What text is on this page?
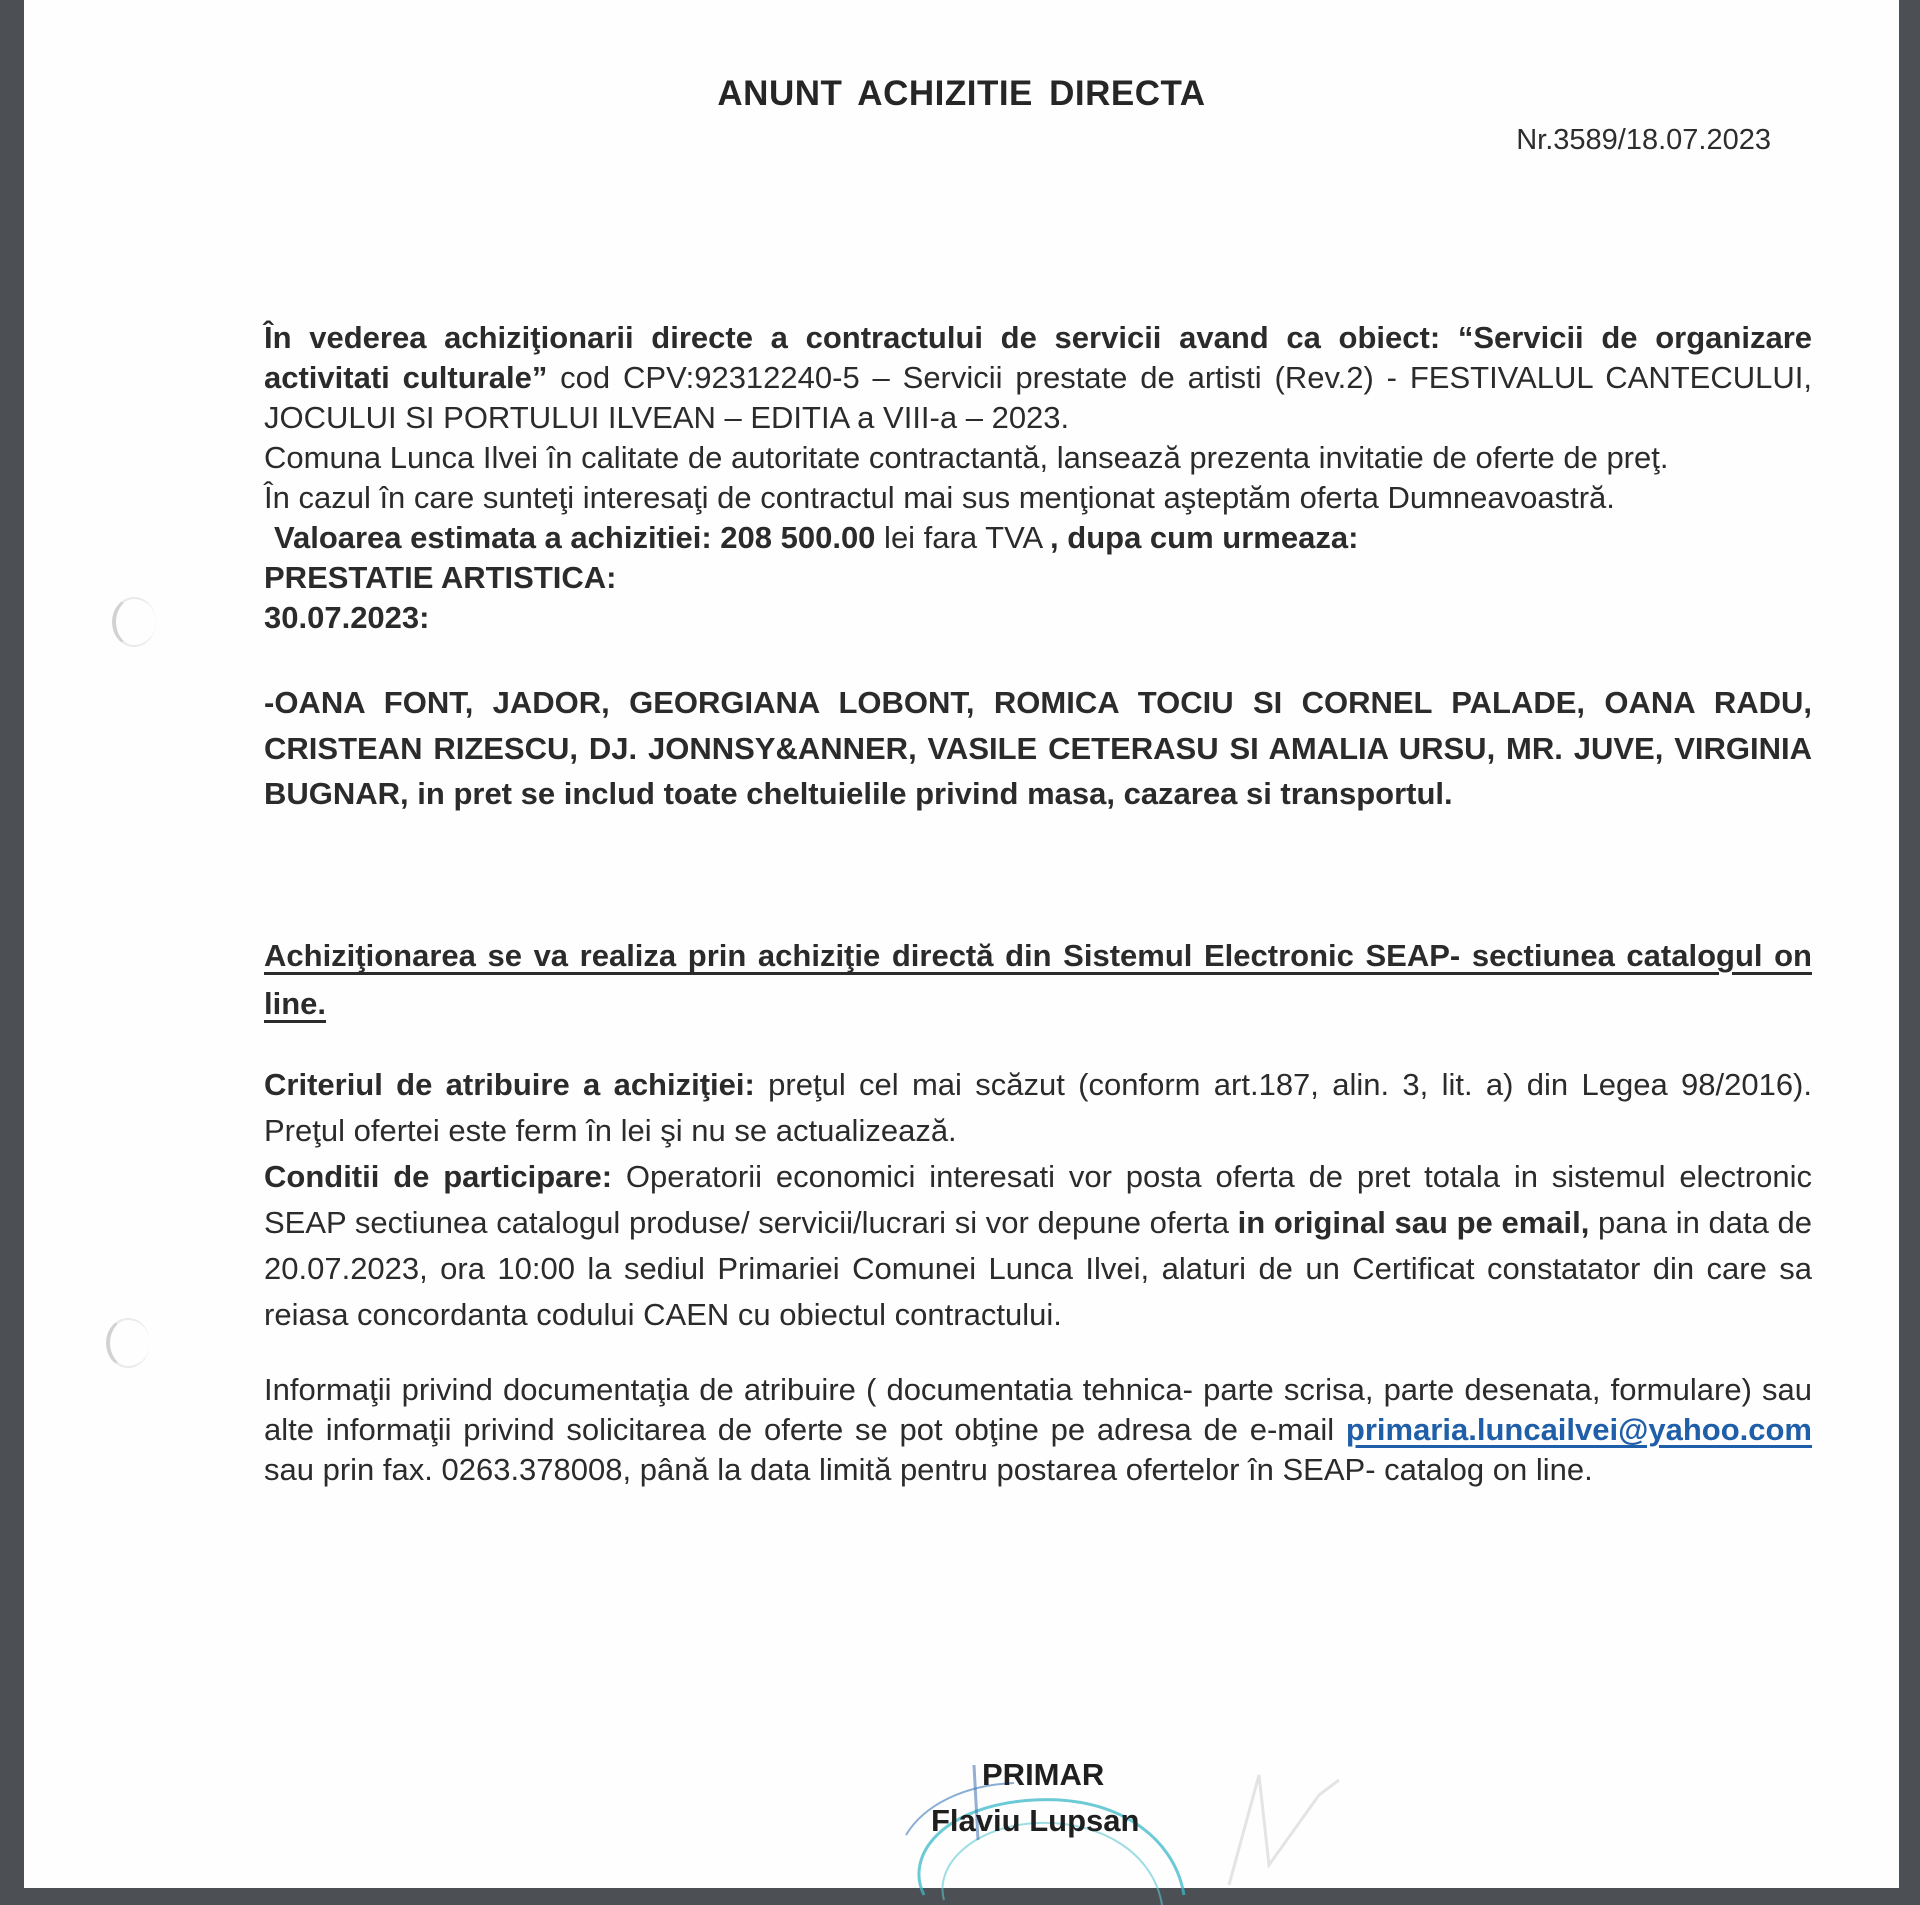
ANUNT ACHIZITIE DIRECTA
Nr.3589/18.07.2023
În vederea achiziţionarii directe a contractului de servicii avand ca obiect: “Servicii de organizare activitati culturale” cod CPV:92312240-5 – Servicii prestate de artisti (Rev.2) - FESTIVALUL CANTECULUI, JOCULUI SI PORTULUI ILVEAN – EDITIA a VIII-a – 2023.
Comuna Lunca Ilvei în calitate de autoritate contractantă, lansează prezenta invitatie de oferte de preţ.
În cazul în care sunteţi interesaţi de contractul mai sus menţionat aşteptăm oferta Dumneavoastră.
Valoarea estimata a achizitiei: 208 500.00 lei fara TVA , dupa cum urmeaza:
PRESTATIE ARTISTICA:
30.07.2023:
-OANA FONT, JADOR, GEORGIANA LOBONT, ROMICA TOCIU SI CORNEL PALADE, OANA RADU, CRISTEAN RIZESCU, DJ. JONNSY&ANNER, VASILE CETERASU SI AMALIA URSU, MR. JUVE, VIRGINIA BUGNAR, in pret se includ toate cheltuielile privind masa, cazarea si transportul.
Achiziţionarea se va realiza prin achiziţie directă din Sistemul Electronic SEAP- sectiunea catalogul on line.
Criteriul de atribuire a achiziţiei: preţul cel mai scăzut (conform art.187, alin. 3, lit. a) din Legea 98/2016). Preţul ofertei este ferm în lei şi nu se actualizează.
Conditii de participare: Operatorii economici interesati vor posta oferta de pret totala in sistemul electronic SEAP sectiunea catalogul produse/ servicii/lucrari si vor depune oferta in original sau pe email, pana in data de 20.07.2023, ora 10:00 la sediul Primariei Comunei Lunca Ilvei, alaturi de un Certificat constatator din care sa reiasa concordanta codului CAEN cu obiectul contractului.
Informaţii privind documentaţia de atribuire ( documentatia tehnica- parte scrisa, parte desenata, formulare) sau alte informaţii privind solicitarea de oferte se pot obţine pe adresa de e-mail primaria.luncailvei@yahoo.com sau prin fax. 0263.378008, până la data limită pentru postarea ofertelor în SEAP- catalog on line.
PRIMAR
Flaviu Lupsan
